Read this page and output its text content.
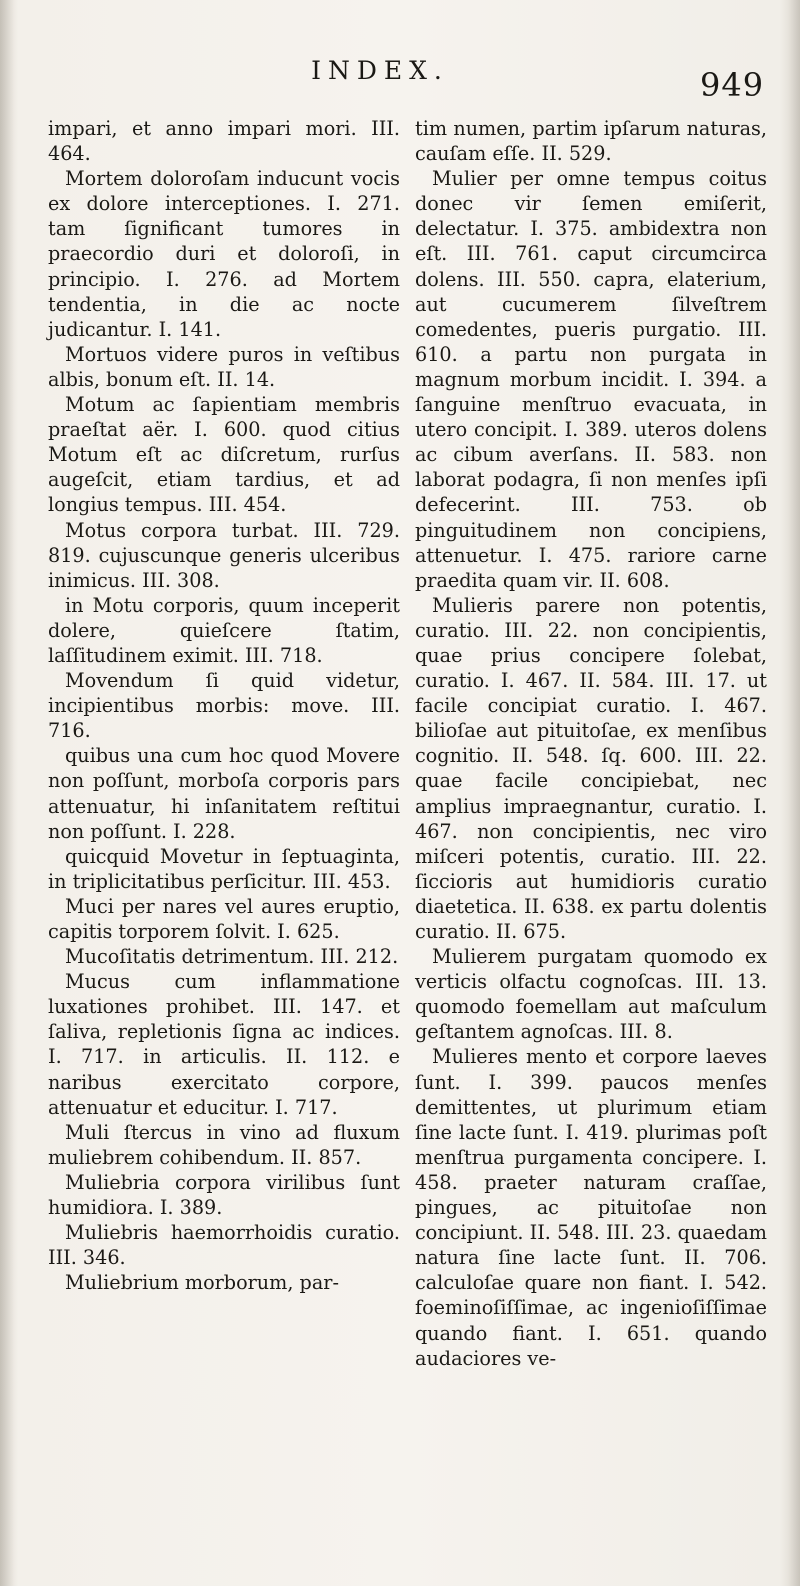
INDEX.	949

impari, et anno impari mori. III. 464.

Mortem doloroſam inducunt vocis ex dolore interceptiones. I. 271. tam ſignificant tumores in praecordio duri et doloroſi, in principio. I. 276. ad Mortem tendentia, in die ac nocte judicantur. I. 141.

Mortuos videre puros in veſtibus albis, bonum eſt. II. 14.

Motum ac ſapientiam membris praeſtat aër. I. 600. quod citius Motum eſt ac diſcretum, rurſus augeſcit, etiam tardius, et ad longius tempus. III. 454.

Motus corpora turbat. III. 729. 819. cujuscunque generis ulceribus inimicus. III. 308.

in Motu corporis, quum inceperit dolere, quieſcere ſtatim, laſſitudinem eximit. III. 718.

Movendum ſi quid videtur, incipientibus morbis: move. III. 716.

quibus una cum hoc quod Movere non poſſunt, morboſa corporis pars attenuatur, hi inſanitatem reſtitui non poſſunt. I. 228.

quicquid Movetur in ſeptuaginta, in triplicitatibus perſicitur. III. 453.

Muci per nares vel aures eruptio, capitis torporem ſolvit. I. 625.

Mucoſitatis detrimentum. III. 212.

Mucus cum inflammatione luxationes prohibet. III. 147. et ſaliva, repletionis ſigna ac indices. I. 717. in articulis. II. 112. e naribus exercitato corpore, attenuatur et educitur. I. 717.

Muli ſtercus in vino ad fluxum muliebrem cohibendum. II. 857.

Muliebria corpora virilibus ſunt humidiora. I. 389.

Muliebris haemorrhoidis curatio. III. 346.

Muliebrium morborum, par-

tim numen, partim ipſarum naturas, cauſam eſſe. II. 529.

Mulier per omne tempus coitus donec vir ſemen emiſerit, delectatur. I. 375. ambidextra non eſt. III. 761. caput circumcirca dolens. III. 550. capra, elaterium, aut cucumerem ſilveſtrem comedentes, pueris purgatio. III. 610. a partu non purgata in magnum morbum incidit. I. 394. a ſanguine menſtruo evacuata, in utero concipit. I. 389. uteros dolens ac cibum averſans. II. 583. non laborat podagra, ſi non menſes ipſi defecerint. III. 753. ob pinguitudinem non concipiens, attenuetur. I. 475. rariore carne praedita quam vir. II. 608.

Mulieris parere non potentis, curatio. III. 22. non concipientis, quae prius concipere ſolebat, curatio. I. 467. II. 584. III. 17. ut facile concipiat curatio. I. 467. bilioſae aut pituitoſae, ex menſibus cognitio. II. 548. ſq. 600. III. 22. quae facile concipiebat, nec amplius impraegnantur, curatio. I. 467. non concipientis, nec viro miſceri potentis, curatio. III. 22. ſiccioris aut humidioris curatio diaetetica. II. 638. ex partu dolentis curatio. II. 675.

Mulierem purgatam quomodo ex verticis olfactu cognoſcas. III. 13. quomodo foemellam aut maſculum geſtantem agnoſcas. III. 8.

Mulieres mento et corpore laeves ſunt. I. 399. paucos menſes demittentes, ut plurimum etiam ſine lacte ſunt. I. 419. plurimas poſt menſtrua purgamenta concipere. I. 458. praeter naturam craſſae, pingues, ac pituitoſae non concipiunt. II. 548. III. 23. quaedam natura ſine lacte ſunt. II. 706. calculoſae quare non fiant. I. 542. foeminoſiſſimae, ac ingenioſiſſimae quando fiant. I. 651. quando audaciores ve-
